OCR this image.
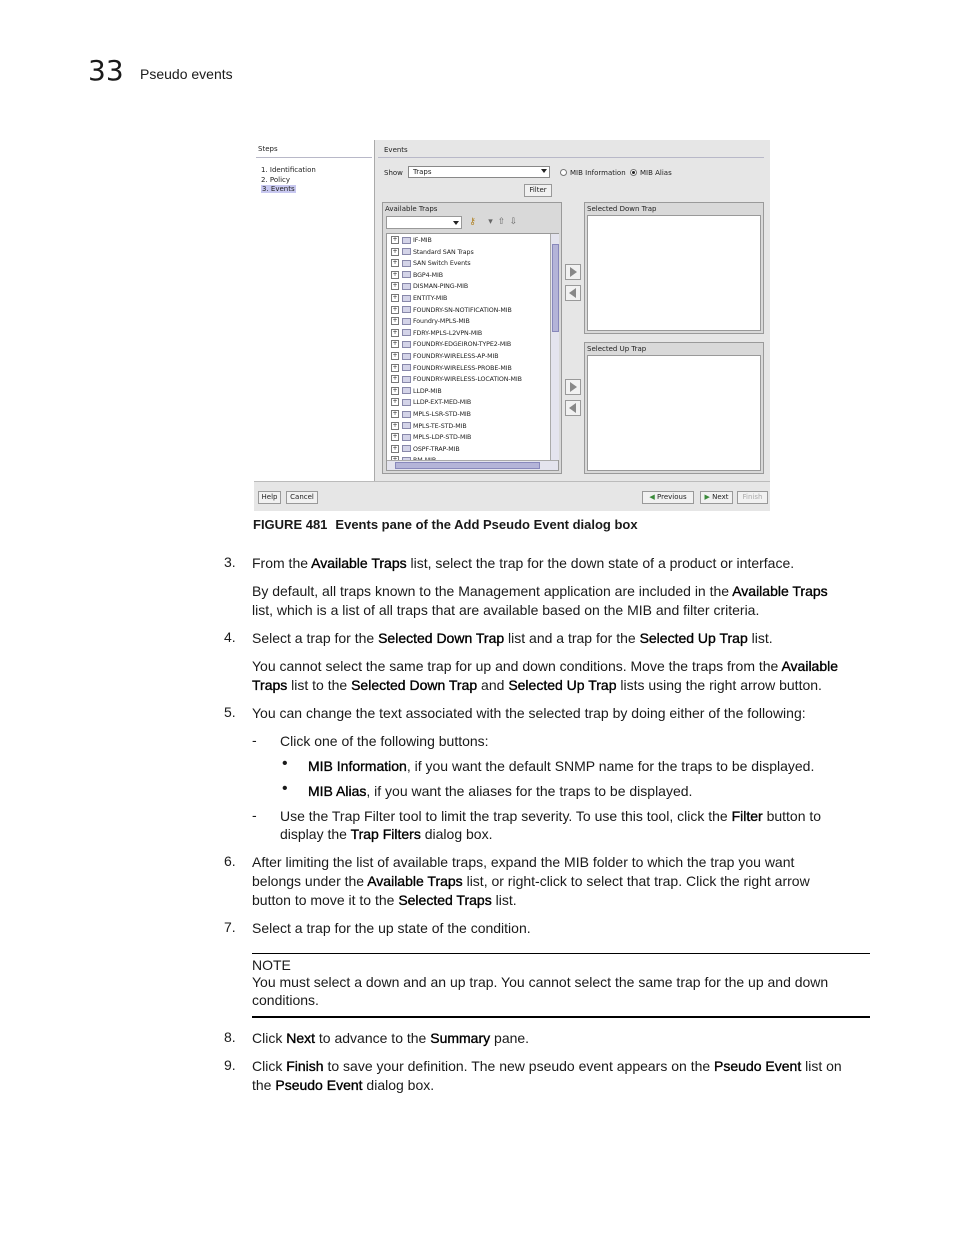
33 Pseudo events
Steps
1. Identification
2. Policy
3. Events
Events
Show Traps	MIB Information MIB Alias
Filter
Available Traps
⚷	▾ ⇧ ⇩
+ IF-MIB
+ Standard SAN Traps
+ SAN Switch Events
+ BGP4-MIB
+ DISMAN-PING-MIB
+ ENTITY-MIB
+ FOUNDRY-SN-NOTIFICATION-MIB
+ Foundry-MPLS-MIB
+ FDRY-MPLS-L2VPN-MIB
+ FOUNDRY-EDGEIRON-TYPE2-MIB
+ FOUNDRY-WIRELESS-AP-MIB
+ FOUNDRY-WIRELESS-PROBE-MIB
+ FOUNDRY-WIRELESS-LOCATION-MIB
+ LLDP-MIB
+ LLDP-EXT-MED-MIB
+ MPLS-LSR-STD-MIB
+ MPLS-TE-STD-MIB
+ MPLS-LDP-STD-MIB
+ OSPF-TRAP-MIB
Selected Down Trap
Selected Up Trap
Help	Cancel	◀ Previous	▶ Next	Finish
FIGURE 481 Events pane of the Add Pseudo Event dialog box
3. From the Available Traps list, select the trap for the down state of a product or interface.
By default, all traps known to the Management application are included in the Available Traps
list, which is a list of all traps that are available based on the MIB and filter criteria.
4. Select a trap for the Selected Down Trap list and a trap for the Selected Up Trap list.
You cannot select the same trap for up and down conditions. Move the traps from the Available
Traps list to the Selected Down Trap and Selected Up Trap lists using the right arrow button.
5. You can change the text associated with the selected trap by doing either of the following:
- Click one of the following buttons:
• MIB Information, if you want the default SNMP name for the traps to be displayed.
• MIB Alias, if you want the aliases for the traps to be displayed.
- Use the Trap Filter tool to limit the trap severity. To use this tool, click the Filter button to
display the Trap Filters dialog box.
6. After limiting the list of available traps, expand the MIB folder to which the trap you want
belongs under the Available Traps list, or right-click to select that trap. Click the right arrow
button to move it to the Selected Traps list.
7. Select a trap for the up state of the condition.
NOTE
You must select a down and an up trap. You cannot select the same trap for the up and down
conditions.
8. Click Next to advance to the Summary pane.
9. Click Finish to save your definition. The new pseudo event appears on the Pseudo Event list on
the Pseudo Event dialog box.
